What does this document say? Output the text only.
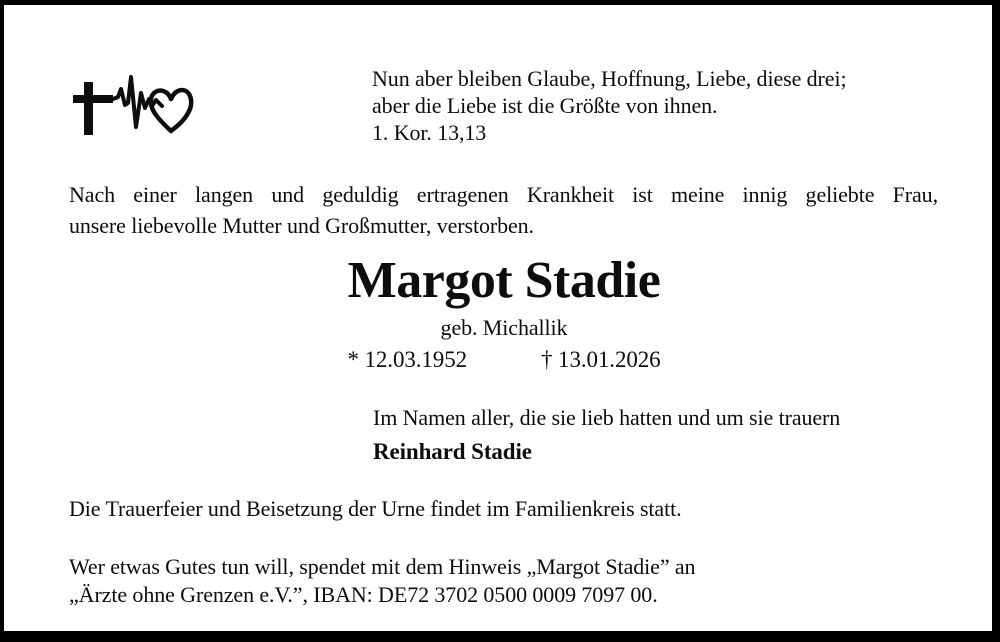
Nun aber bleiben Glaube, Hoffnung, Liebe, diese drei;
aber die Liebe ist die Größte von ihnen.
1. Kor. 13,13
Nach einer langen und geduldig ertragenen Krankheit ist meine innig geliebte Frau,
unsere liebevolle Mutter und Großmutter, verstorben.
Margot Stadie
geb. Michallik
* 12.03.1952	† 13.01.2026
Im Namen aller, die sie lieb hatten und um sie trauern
Reinhard Stadie
Die Trauerfeier und Beisetzung der Urne findet im Familienkreis statt.
Wer etwas Gutes tun will, spendet mit dem Hinweis „Margot Stadie” an
„Ärzte ohne Grenzen e.V.”, IBAN: DE72 3702 0500 0009 7097 00.
